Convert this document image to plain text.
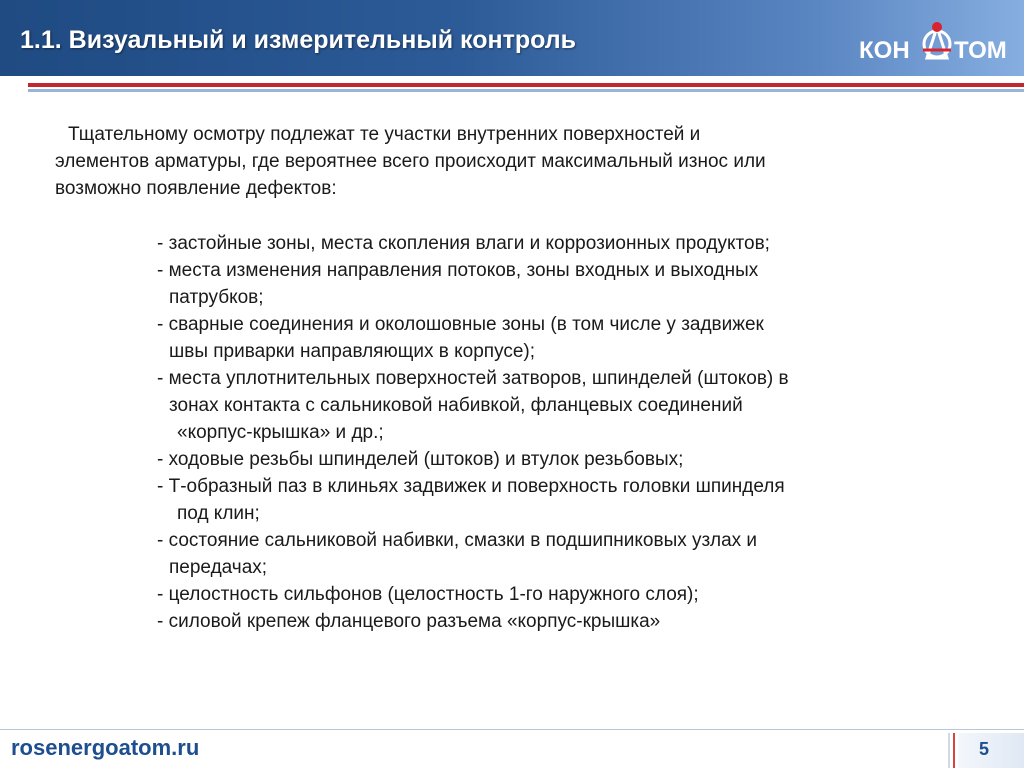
1.1. Визуальный и измерительный контроль	КОН ТОМ
Тщательному осмотру подлежат те участки внутренних поверхностей и
элементов арматуры, где вероятнее всего происходит максимальный износ или
возможно появление дефектов:
- застойные зоны, места скопления влаги и коррозионных продуктов;
- места изменения направления потоков, зоны входных и выходных
патрубков;
- сварные соединения и околошовные зоны (в том числе у задвижек
швы приварки направляющих в корпусе);
- места уплотнительных поверхностей затворов, шпинделей (штоков) в
зонах контакта с сальниковой набивкой, фланцевых соединений
«корпус-крышка» и др.;
- ходовые резьбы шпинделей (штоков) и втулок резьбовых;
- Т-образный паз в клиньях задвижек и поверхность головки шпинделя
под клин;
- состояние сальниковой набивки, смазки в подшипниковых узлах и
передачах;
- целостность сильфонов (целостность 1-го наружного слоя);
- силовой крепеж фланцевого разъема «корпус-крышка»
rosenergoatom.ru	5
